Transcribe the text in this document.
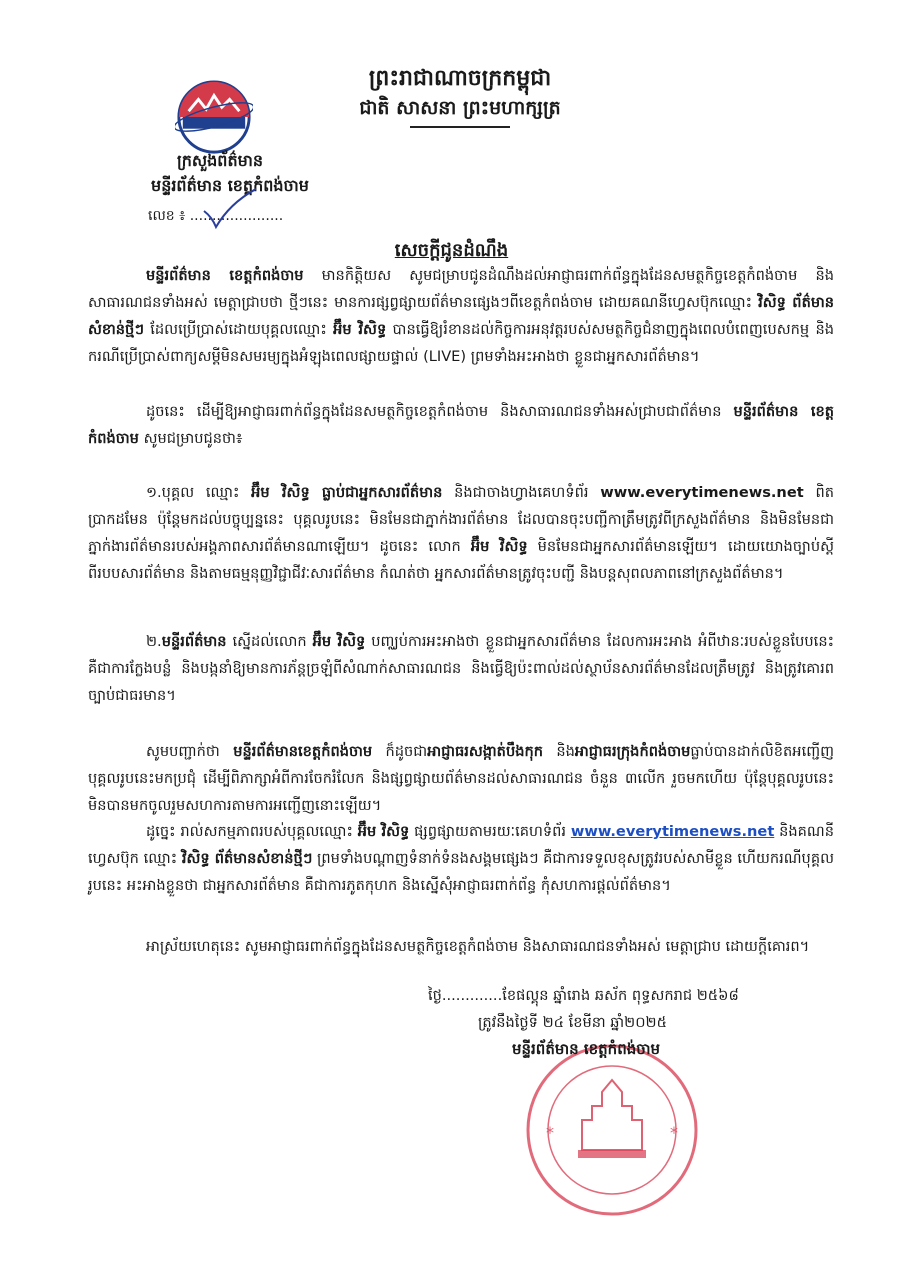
ព្រះរាជាណាចក្រកម្ពុជា
ជាតិ សាសនា ព្រះមហាក្សត្រ
ក្រសួងព័ត៌មាន
មន្ទីរព័ត៌មាន ខេត្តកំពង់ចាម
លេខ ៖ .....................
សេចក្តីជូនដំណឹង

មន្ទីរព័ត៌មាន ខេត្តកំពង់ចាម មានកិត្តិយស សូមជម្រាបជូនដំណឹងដល់អាជ្ញាធរពាក់ព័ន្ធក្នុងដែនសមត្ថកិច្ចខេត្តកំពង់ចាម និងសាធារណជនទាំងអស់ មេត្តាជ្រាបថា ថ្មីៗនេះ មានការផ្សព្វផ្សាយព័ត៌មានផ្សេងៗពីខេត្តកំពង់ចាម ដោយគណនីហ្វេសប៊ុកឈ្មោះ វិសិទ្ធ ព័ត៌មានសំខាន់ថ្មីៗ ដែលប្រើប្រាស់ដោយបុគ្គលឈ្មោះ អ៊ឹម វិសិទ្ធ បានធ្វើឱ្យរំខានដល់កិច្ចការអនុវត្តរបស់សមត្ថកិច្ចជំនាញក្នុងពេលបំពេញបេសកម្ម និងករណីប្រើប្រាស់ពាក្យសម្តីមិនសមរម្យក្នុងអំឡុងពេលផ្សាយផ្ទាល់ (LIVE) ព្រមទាំងអះអាងថា ខ្លួនជាអ្នកសារព័ត៌មាន។

ដូចនេះ ដើម្បីឱ្យអាជ្ញាធរពាក់ព័ន្ធក្នុងដែនសមត្ថកិច្ចខេត្តកំពង់ចាម និងសាធារណជនទាំងអស់ជ្រាបជាព័ត៌មាន មន្ទីរព័ត៌មាន ខេត្តកំពង់ចាម សូមជម្រាបជូនថា៖

១.បុគ្គល ឈ្មោះ អ៊ឹម វិសិទ្ធ ធ្លាប់ជាអ្នកសារព័ត៌មាន និងជាចាងហ្វាងគេហទំព័រ www.everytimenews.net ពិតប្រាកដមែន ប៉ុន្តែមកដល់បច្ចុប្បន្ននេះ បុគ្គលរូបនេះ មិនមែនជាភ្នាក់ងារព័ត៌មាន ដែលបានចុះបញ្ជីកាត្រឹមត្រូវពីក្រសួងព័ត៌មាន និងមិនមែនជាភ្នាក់ងារព័ត៌មានរបស់អង្គភាពសារព័ត៌មានណាឡើយ។ ដូចនេះ លោក អ៊ឹម វិសិទ្ធ មិនមែនជាអ្នកសារព័ត៌មានឡើយ។ ដោយយោងច្បាប់ស្តីពីរបបសារព័ត៌មាន និងតាមធម្មនុញ្ញវិជ្ជាជីវៈសារព័ត៌មាន កំណត់ថា អ្នកសារព័ត៌មានត្រូវចុះបញ្ជី និងបន្តសុពលភាពនៅក្រសួងព័ត៌មាន។

២.មន្ទីរព័ត៌មាន ស្នើដល់លោក អ៊ឹម វិសិទ្ធ បញ្ឈប់ការអះអាងថា ខ្លួនជាអ្នកសារព័ត៌មាន ដែលការអះអាង អំពីឋានៈរបស់ខ្លួនបែបនេះ គឺជាការក្លែងបន្លំ និងបង្កនាំឱ្យមានការភ័ន្តច្រឡំពីសំណាក់សាធារណជន និងធ្វើឱ្យប៉ះពាល់ដល់ស្ថាប័នសារព័ត៌មានដែលត្រឹមត្រូវ និងត្រូវគោរពច្បាប់ជាធរមាន។

សូមបញ្ជាក់ថា មន្ទីរព័ត៌មានខេត្តកំពង់ចាម ក៏ដូចជាអាជ្ញាធរសង្កាត់បឹងកុក និងអាជ្ញាធរក្រុងកំពង់ចាមធ្លាប់បានដាក់លិខិតអញ្ជើញបុគ្គលរូបនេះមកប្រជុំ ដើម្បីពិភាក្សាអំពីការចែករំលែក និងផ្សព្វផ្សាយព័ត៌មានដល់សាធារណជន ចំនួន ៣លើក រួចមកហើយ ប៉ុន្តែបុគ្គលរូបនេះ មិនបានមកចូលរួមសហការតាមការអញ្ជើញនោះឡើយ។

ដូច្នេះ រាល់សកម្មភាពរបស់បុគ្គលឈ្មោះ អ៊ឹម វិសិទ្ធ ផ្សព្វផ្សាយតាមរយៈគេហទំព័រ www.everytimenews.net និងគណនីហ្វេសប៊ុក ឈ្មោះ វិសិទ្ធ ព័ត៌មានសំខាន់ថ្មីៗ ព្រមទាំងបណ្តាញទំនាក់ទំនងសង្គមផ្សេងៗ គឺជាការទទួលខុសត្រូវរបស់សាមីខ្លួន ហើយករណីបុគ្គលរូបនេះ អះអាងខ្លួនថា ជាអ្នកសារព័ត៌មាន គឺជាការភូតកុហក និងស្នើសុំអាជ្ញាធរពាក់ព័ន្ធ កុំសហការផ្តល់ព័ត៌មាន។

អាស្រ័យហេតុនេះ សូមអាជ្ញាធរពាក់ព័ន្ធក្នុងដែនសមត្ថកិច្ចខេត្តកំពង់ចាម និងសាធារណជនទាំងអស់ មេត្តាជ្រាប ដោយក្តីគោរព។

ថ្ងៃ.............ខែផល្គុន ឆ្នាំរោង ឆស័ក ពុទ្ធសករាជ ២៥៦៨
ត្រូវនឹងថ្ងៃទី ២៤ ខែមីនា ឆ្នាំ២០២៥
*	*
មន្ទីរព័ត៌មាន ខេត្តកំពង់ចាម
